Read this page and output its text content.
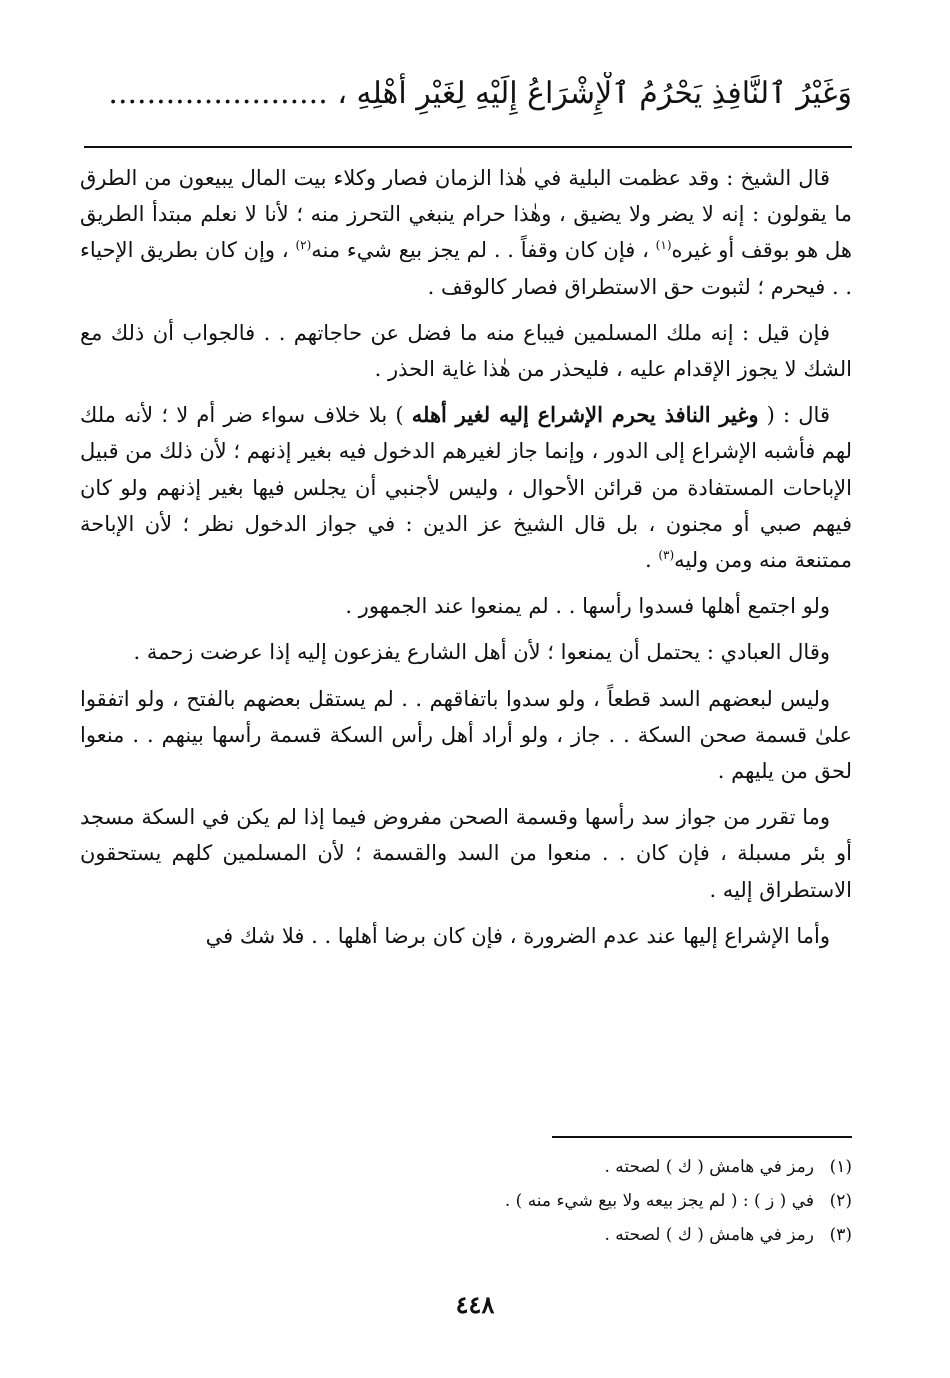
وَغَيْرُ ٱلنَّافِذِ يَحْرُمُ ٱلْإِشْرَاعُ إِلَيْهِ لِغَيْرِ أَهْلِهِ ، .......................

قال الشيخ : وقد عظمت البلية في هٰذا الزمان فصار وكلاء بيت المال يبيعون من الطرق ما يقولون : إنه لا يضر ولا يضيق ، وهٰذا حرام ينبغي التحرز منه ؛ لأنا لا نعلم مبتدأ الطريق هل هو بوقف أو غيره$^{(١)}$ ، فإن كان وقفاً . . لم يجز بيع شيء منه$^{(٢)}$ ، وإن كان بطريق الإحياء . . فيحرم ؛ لثبوت حق الاستطراق فصار كالوقف .

فإن قيل : إنه ملك المسلمين فيباع منه ما فضل عن حاجاتهم . . فالجواب أن ذلك مع الشك لا يجوز الإقدام عليه ، فليحذر من هٰذا غاية الحذر .

قال : ( وغير النافذ يحرم الإشراع إليه لغير أهله ) بلا خلاف سواء ضر أم لا ؛ لأنه ملك لهم فأشبه الإشراع إلى الدور ، وإنما جاز لغيرهم الدخول فيه بغير إذنهم ؛ لأن ذلك من قبيل الإباحات المستفادة من قرائن الأحوال ، وليس لأجنبي أن يجلس فيها بغير إذنهم ولو كان فيهم صبي أو مجنون ، بل قال الشيخ عز الدين : في جواز الدخول نظر ؛ لأن الإباحة ممتنعة منه ومن وليه$^{(٣)}$ .

ولو اجتمع أهلها فسدوا رأسها . . لم يمنعوا عند الجمهور .

وقال العبادي : يحتمل أن يمنعوا ؛ لأن أهل الشارع يفزعون إليه إذا عرضت زحمة .

وليس لبعضهم السد قطعاً ، ولو سدوا باتفاقهم . . لم يستقل بعضهم بالفتح ، ولو اتفقوا علىٰ قسمة صحن السكة . . جاز ، ولو أراد أهل رأس السكة قسمة رأسها بينهم . . منعوا لحق من يليهم .

وما تقرر من جواز سد رأسها وقسمة الصحن مفروض فيما إذا لم يكن في السكة مسجد أو بئر مسبلة ، فإن كان . . منعوا من السد والقسمة ؛ لأن المسلمين كلهم يستحقون الاستطراق إليه .

وأما الإشراع إليها عند عدم الضرورة ، فإن كان برضا أهلها . . فلا شك في

(١)رمز في هامش ( ك ) لصحته .
(٢)في ( ز ) : ( لم يجز بيعه ولا بيع شيء منه ) .
(٣)رمز في هامش ( ك ) لصحته .
٤٤٨
